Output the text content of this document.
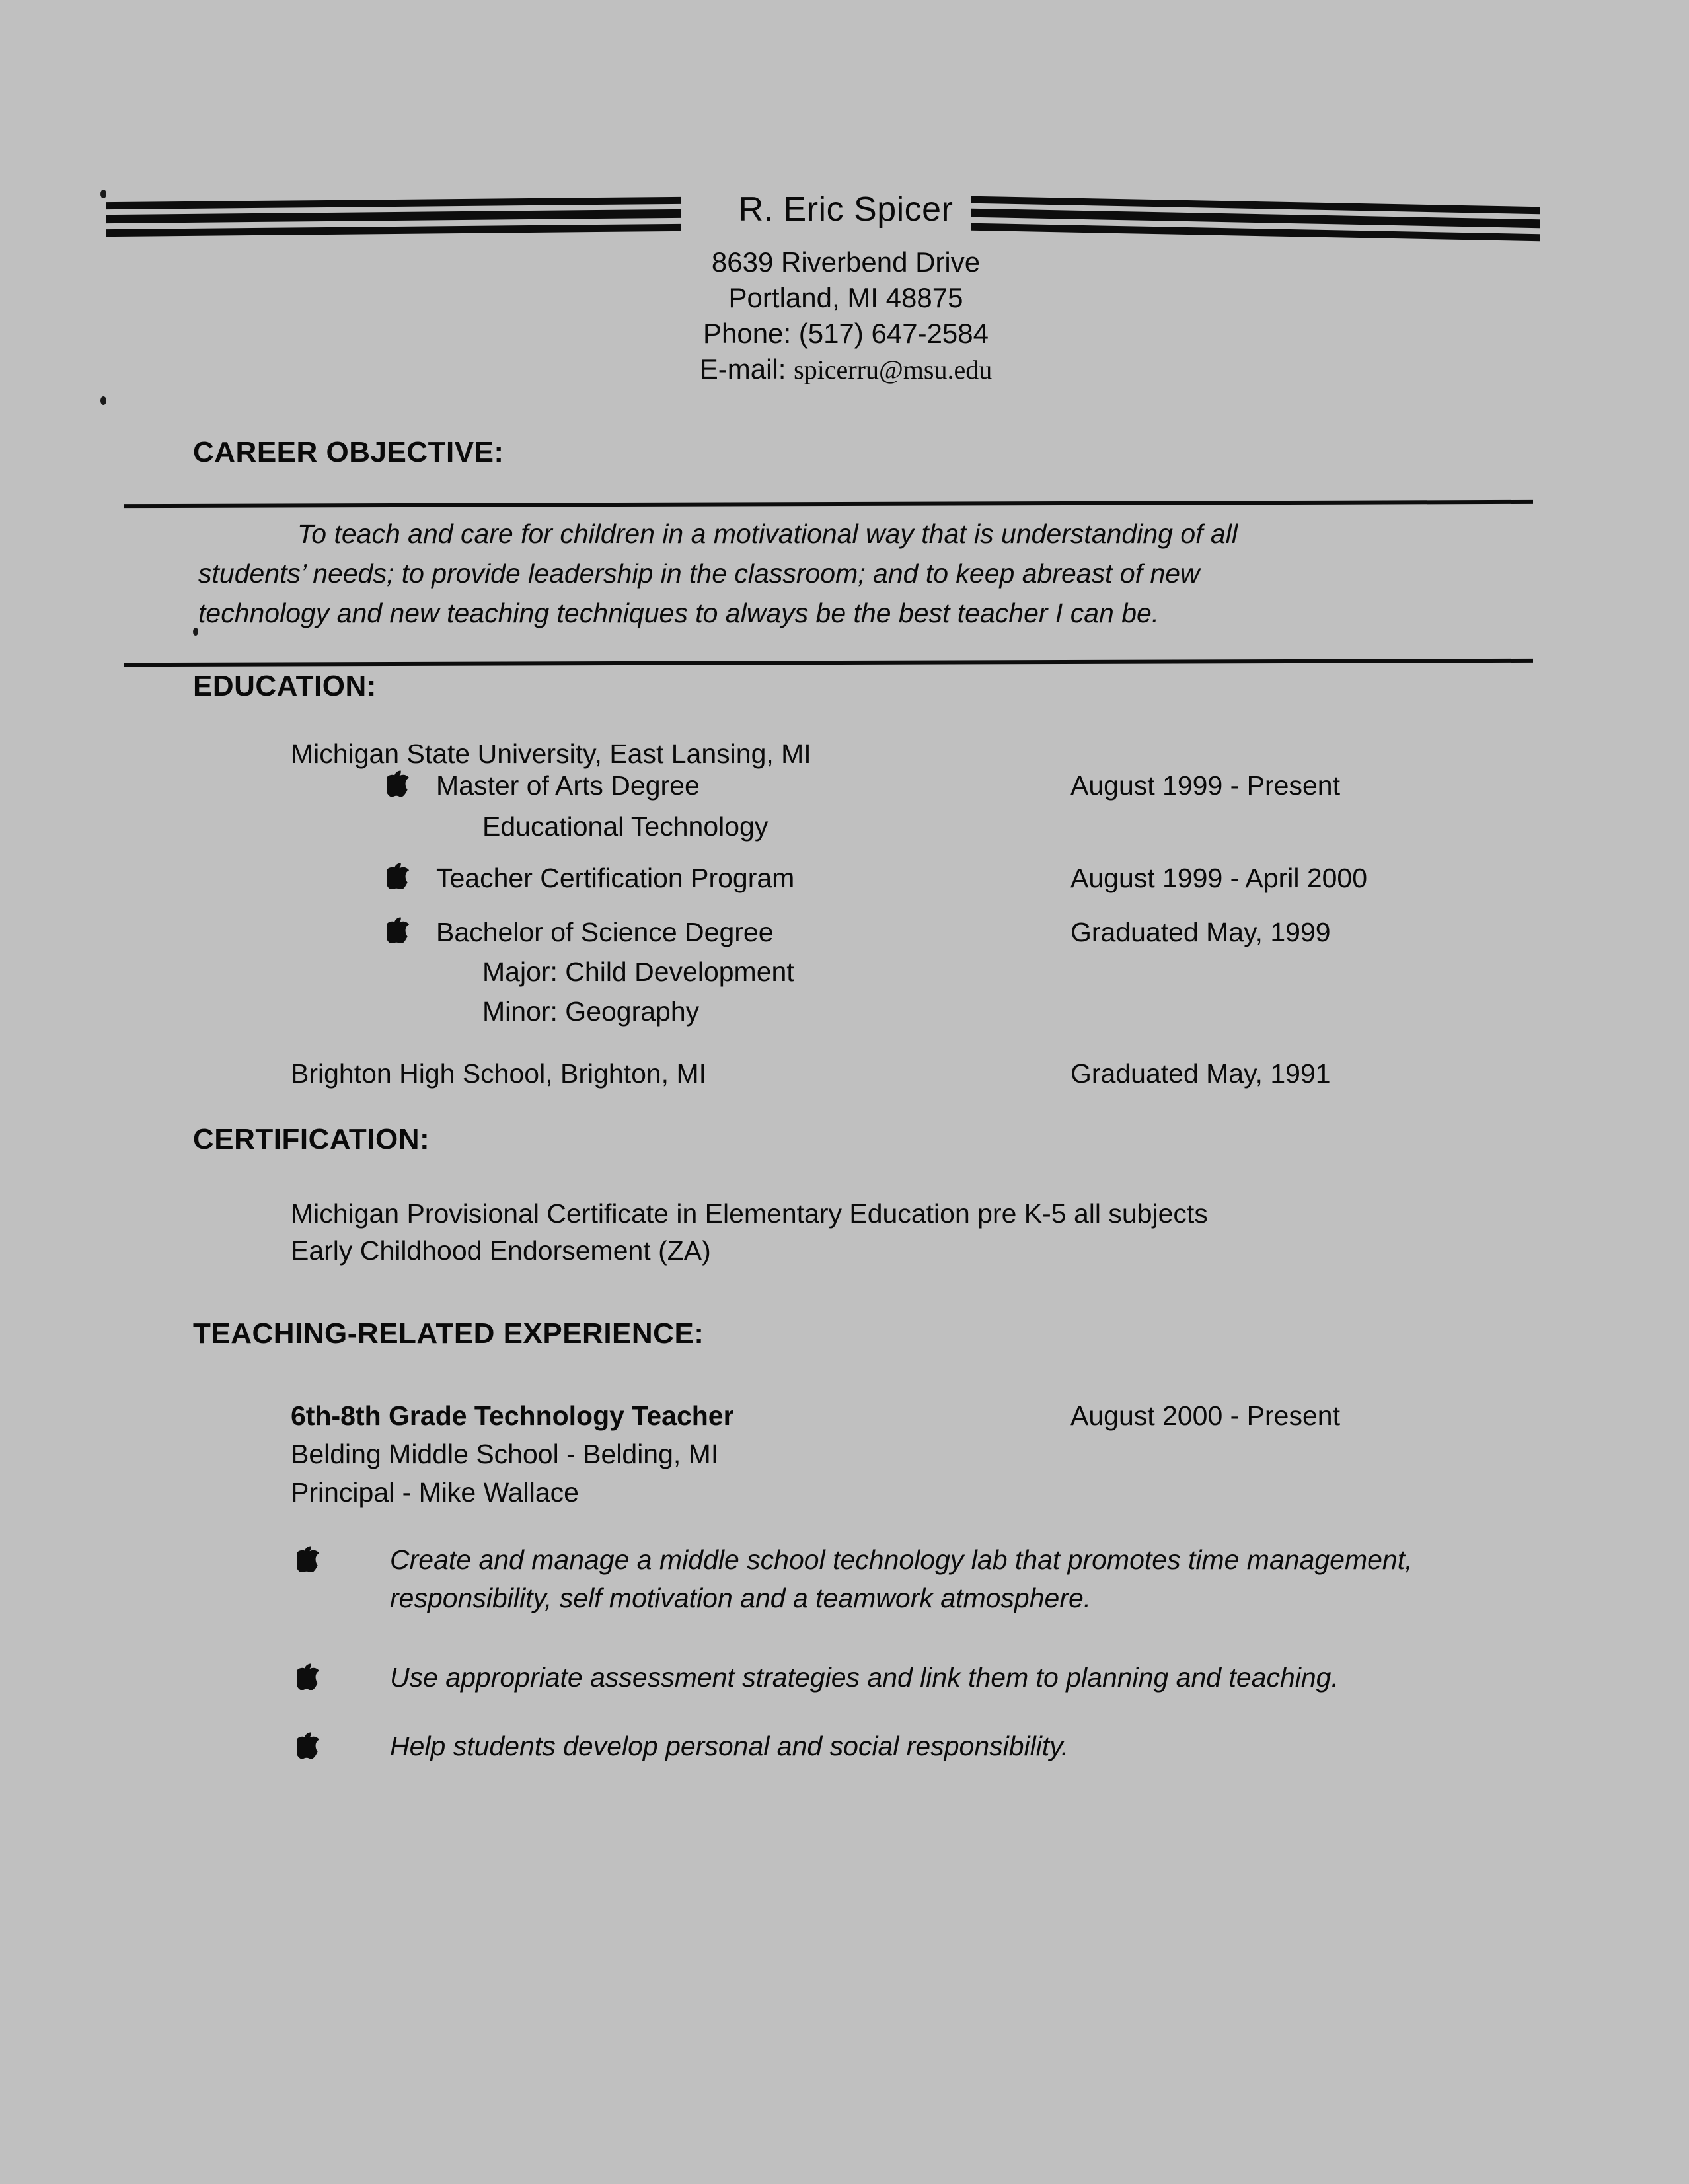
R. Eric Spicer
8639 Riverbend Drive
Portland, MI 48875
Phone: (517) 647-2584
E-mail: spicerru@msu.edu
CAREER OBJECTIVE:
To teach and care for children in a motivational way that is understanding of all
students’ needs; to provide leadership in the classroom; and to keep abreast of new
technology and new teaching techniques to always be the best teacher I can be.
EDUCATION:
Michigan State University, East Lansing, MI
Master of Arts Degree	August 1999 - Present
Educational Technology
Teacher Certification Program	August 1999 - April 2000
Bachelor of Science Degree	Graduated May, 1999
Major: Child Development
Minor: Geography
Brighton High School, Brighton, MI	Graduated May, 1991
CERTIFICATION:
Michigan Provisional Certificate in Elementary Education pre K-5 all subjects
Early Childhood Endorsement (ZA)
TEACHING-RELATED EXPERIENCE:
6th-8th Grade Technology Teacher	August 2000 - Present
Belding Middle School - Belding, MI
Principal - Mike Wallace
Create and manage a middle school technology lab that promotes time management, responsibility, self motivation and a teamwork atmosphere.
Use appropriate assessment strategies and link them to planning and teaching.
Help students develop personal and social responsibility.
